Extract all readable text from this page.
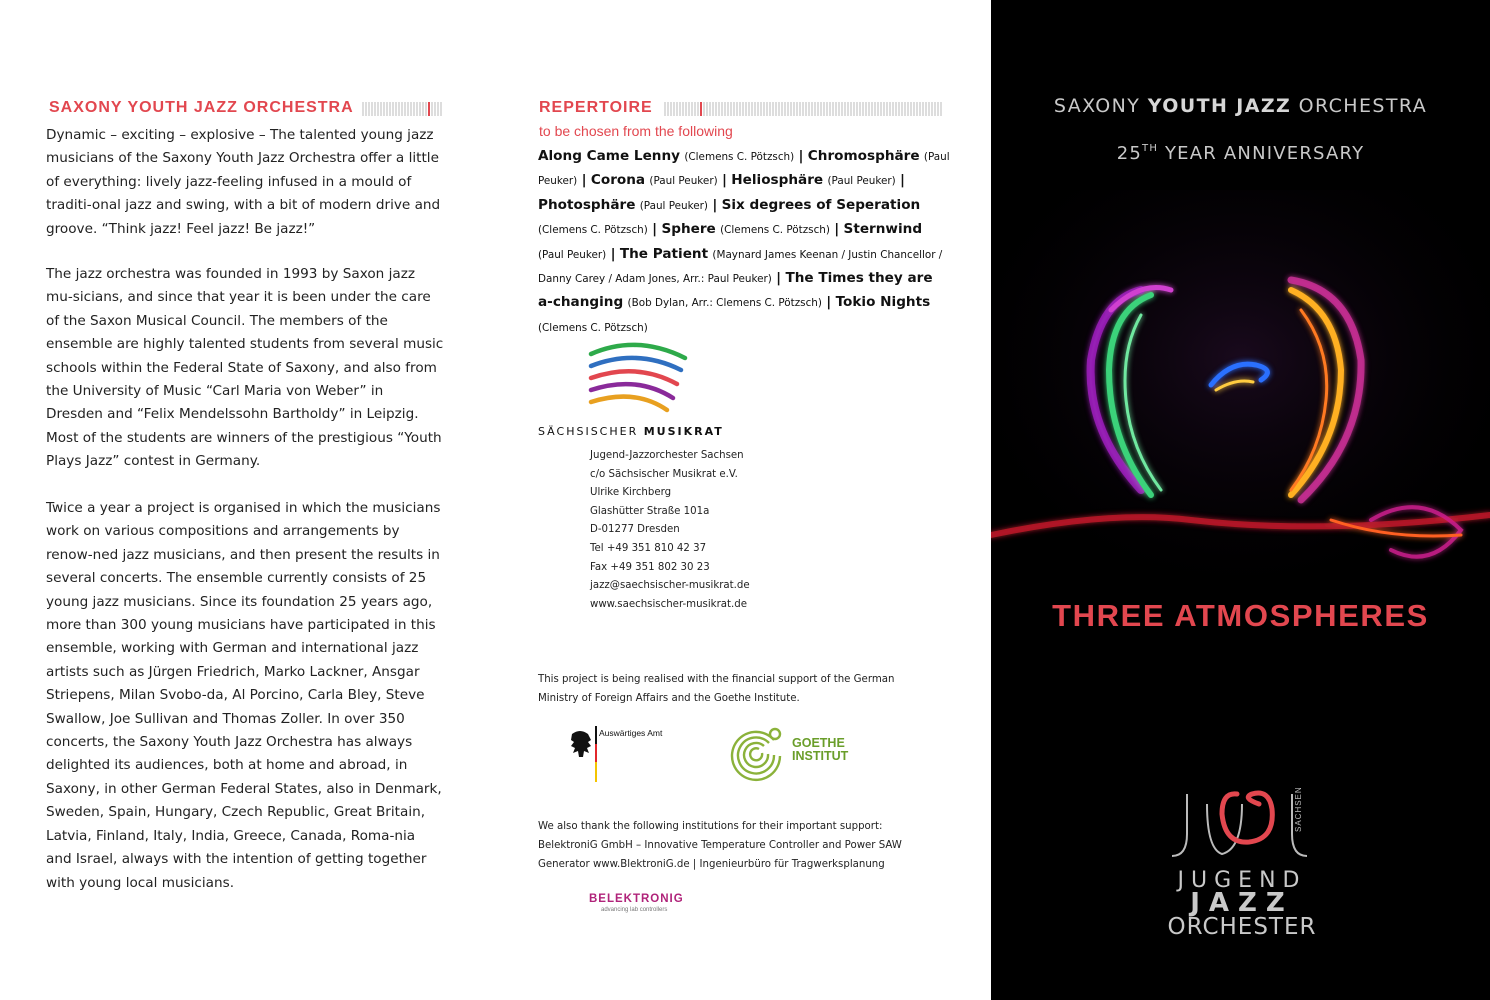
SAXONY YOUTH JAZZ ORCHESTRA

Dynamic – exciting – explosive – The talented young jazz musicians of the Saxony Youth Jazz Orchestra offer a little of everything: lively jazz-feeling infused in a mould of traditi-onal jazz and swing, with a bit of modern drive and groove. “Think jazz! Feel jazz! Be jazz!”

The jazz orchestra was founded in 1993 by Saxon jazz mu-sicians, and since that year it is been under the care of the Saxon Musical Council. The members of the ensemble are highly talented students from several music schools within the Federal State of Saxony, and also from the University of Music “Carl Maria von Weber” in Dresden and “Felix Mendelssohn Bartholdy” in Leipzig. Most of the students are winners of the prestigious “Youth Plays Jazz” contest in Germany.

Twice a year a project is organised in which the musicians work on various compositions and arrangements by renow-ned jazz musicians, and then present the results in several concerts. The ensemble currently consists of 25 young jazz musicians. Since its foundation 25 years ago, more than 300 young musicians have participated in this ensemble, working with German and international jazz artists such as Jürgen Friedrich, Marko Lackner, Ansgar Striepens, Milan Svobo-da, Al Porcino, Carla Bley, Steve Swallow, Joe Sullivan and Thomas Zoller. In over 350 concerts, the Saxony Youth Jazz Orchestra has always delighted its audiences, both at home and abroad, in Saxony, in other German Federal States, also in Denmark, Sweden, Spain, Hungary, Czech Republic, Great Britain, Latvia, Finland, Italy, India, Greece, Canada, Roma-nia and Israel, always with the intention of getting together with young local musicians.

REPERTOIRE
to be chosen from the following
Along Came Lenny (Clemens C. Pötzsch) | Chromosphäre (Paul Peuker) | Corona (Paul Peuker) | Heliosphäre (Paul Peuker) | Photosphäre (Paul Peuker) | Six degrees of Seperation (Clemens C. Pötzsch) | Sphere (Clemens C. Pötzsch) | Sternwind (Paul Peuker) | The Patient (Maynard James Keenan / Justin Chancellor / Danny Carey / Adam Jones, Arr.: Paul Peuker) | The Times they are a-changing (Bob Dylan, Arr.: Clemens C. Pötzsch) | Tokio Nights (Clemens C. Pötzsch)
SÄCHSISCHER MUSIKRAT
Jugend-Jazzorchester Sachsen
c/o Sächsischer Musikrat e.V.
Ulrike Kirchberg
Glashütter Straße 101a
D-01277 Dresden
Tel +49 351 810 42 37
Fax +49 351 802 30 23
jazz@saechsischer-musikrat.de
www.saechsischer-musikrat.de
This project is being realised with the financial support of the German Ministry of Foreign Affairs and the Goethe Institute.
Auswärtiges Amt
GOETHE
INSTITUT
We also thank the following institutions for their important support: BelektroniG GmbH – Innovative Temperature Controller and Power SAW Generator www.BlektroniG.de | Ingenieurbüro für Tragwerksplanung
BELEKTRONIG
advancing lab controllers
SAXONY YOUTH JAZZ ORCHESTRA
25TH YEAR ANNIVERSARY
THREE ATMOSPHERES
SACHSEN
JUGEND
JAZZ
ORCHESTER
